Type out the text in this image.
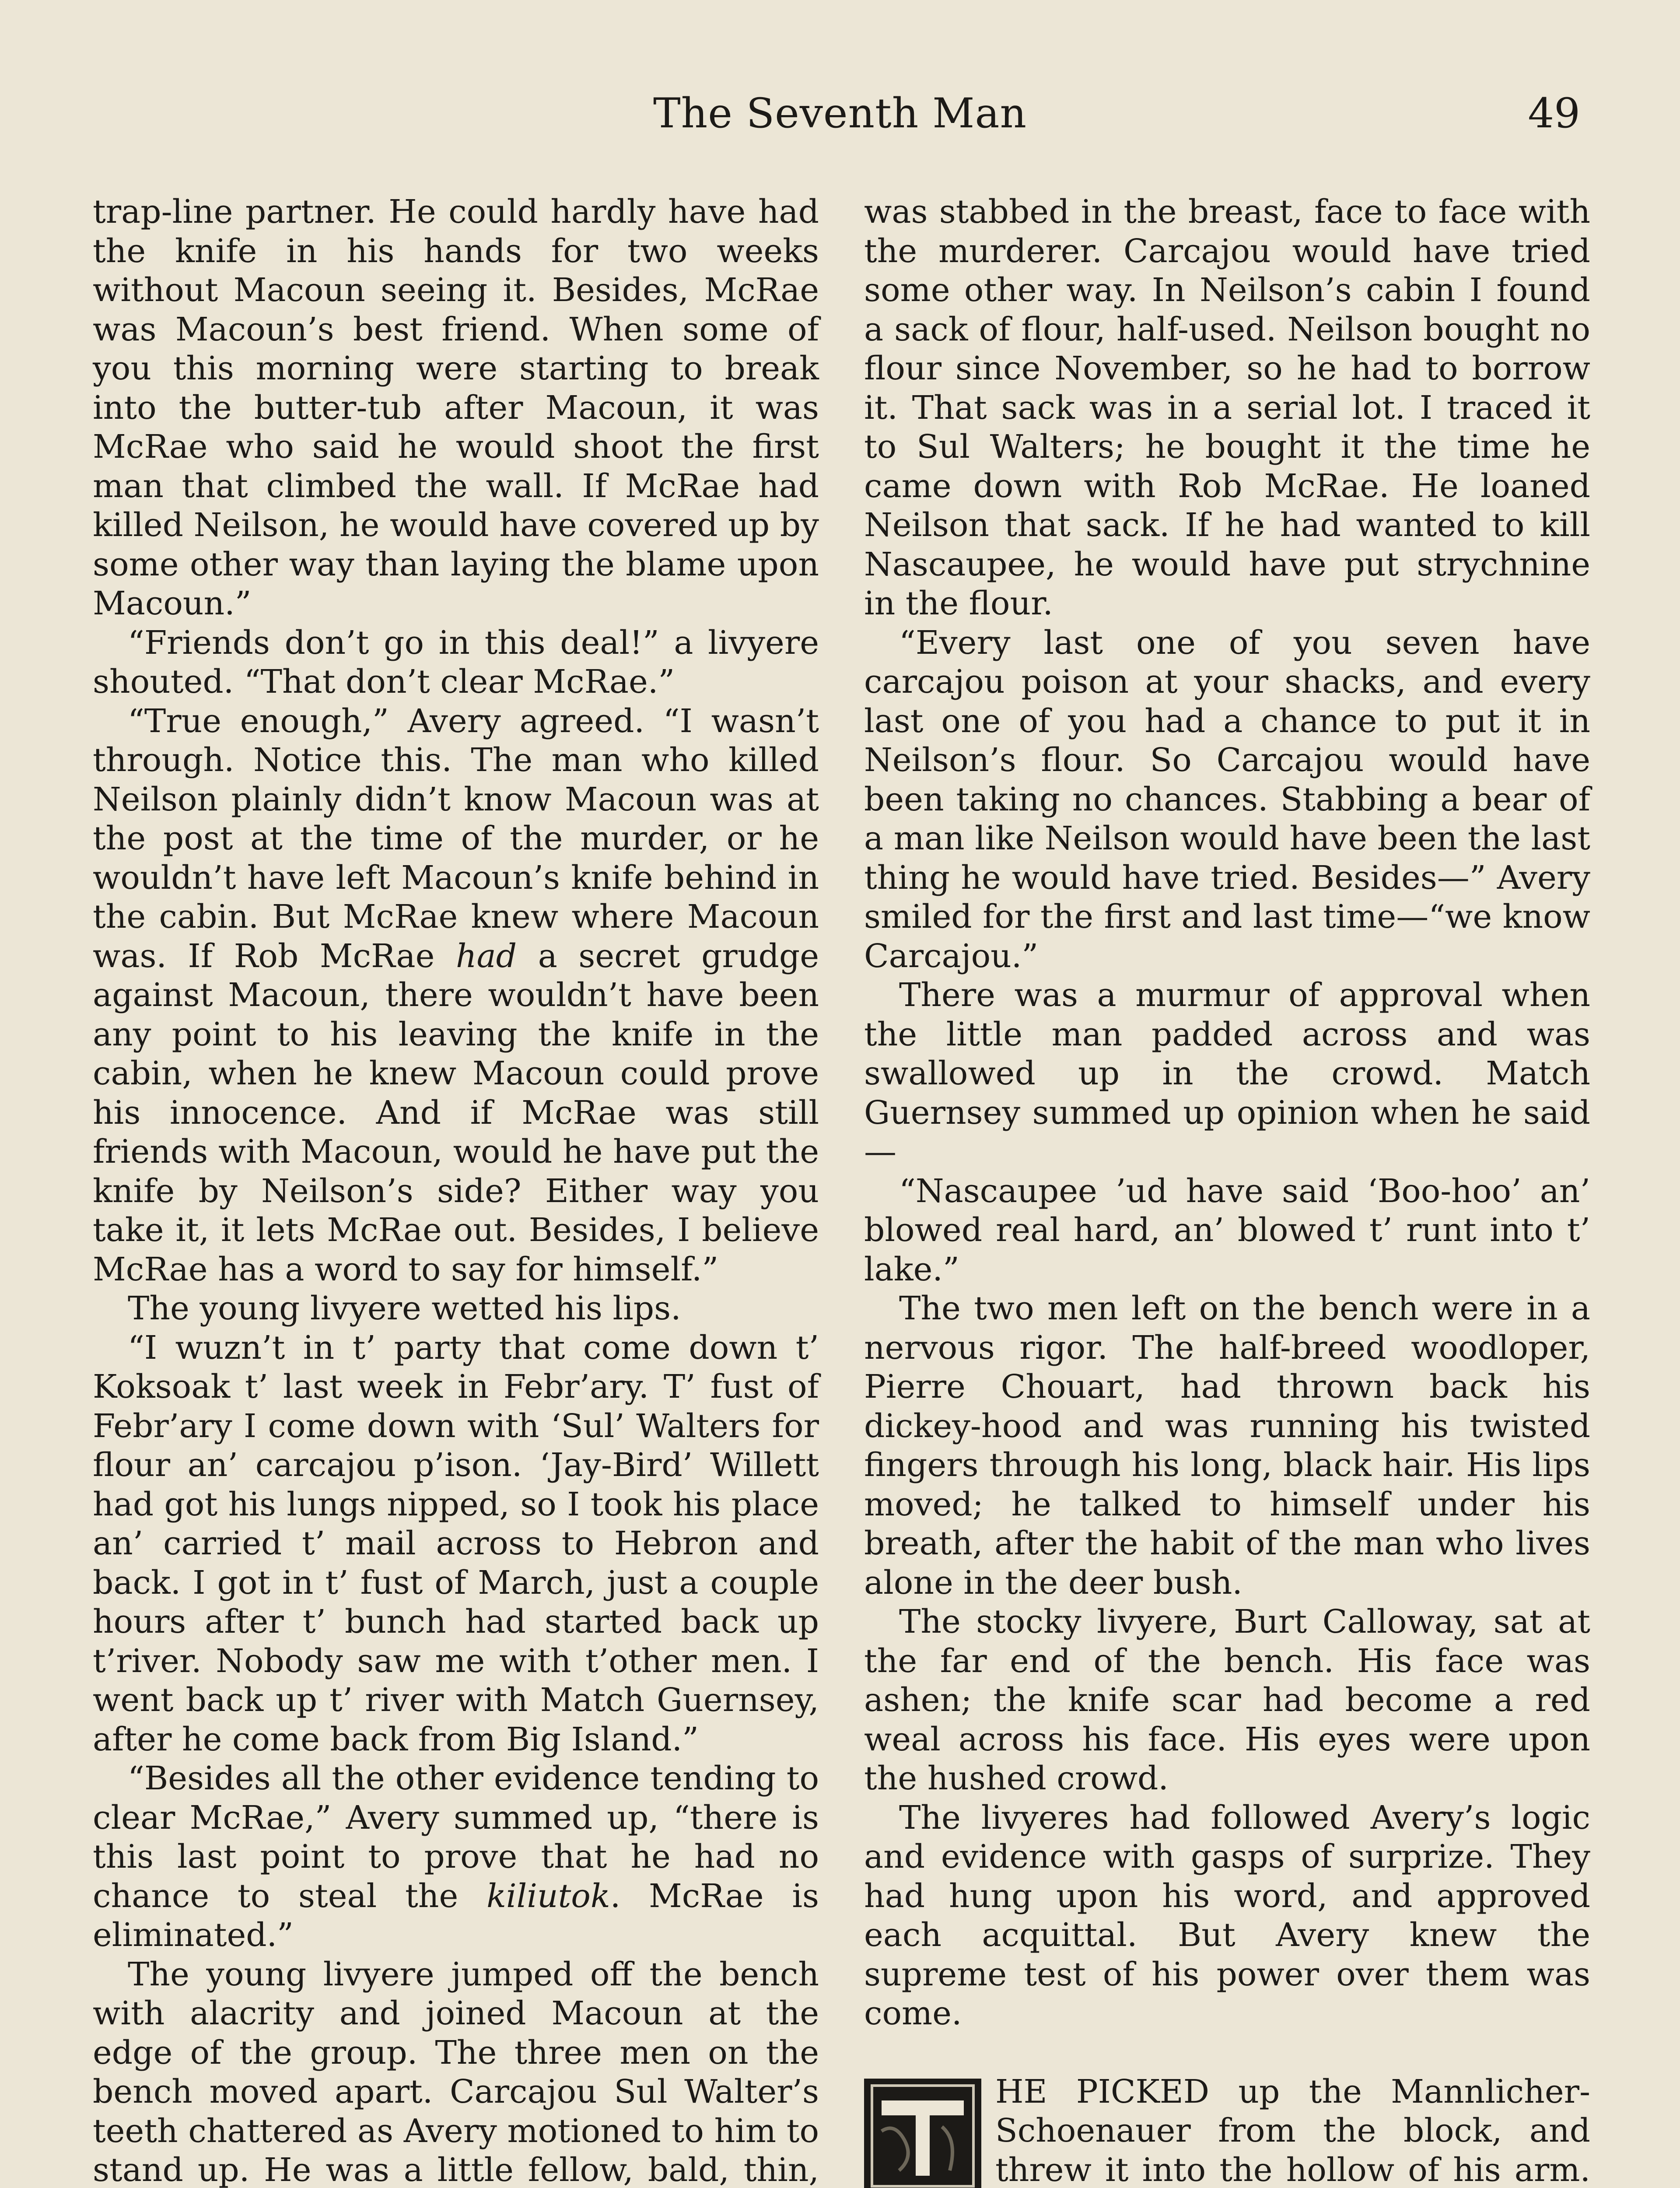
The Seventh Man	49

trap-line partner. He could hardly have had the knife in his hands for two weeks without Macoun seeing it. Besides, McRae was Macoun’s best friend. When some of you this morning were starting to break into the butter-tub after Macoun, it was McRae who said he would shoot the first man that climbed the wall. If McRae had killed Neilson, he would have covered up by some other way than laying the blame upon Macoun.”

“Friends don’t go in this deal!” a livyere shouted. “That don’t clear McRae.”

“True enough,” Avery agreed. “I wasn’t through. Notice this. The man who killed Neilson plainly didn’t know Macoun was at the post at the time of the murder, or he wouldn’t have left Macoun’s knife behind in the cabin. But McRae knew where Macoun was. If Rob McRae had a secret grudge against Macoun, there wouldn’t have been any point to his leaving the knife in the cabin, when he knew Macoun could prove his innocence. And if McRae was still friends with Macoun, would he have put the knife by Neilson’s side? Either way you take it, it lets McRae out. Besides, I believe McRae has a word to say for himself.”

The young livyere wetted his lips.

“I wuzn’t in t’ party that come down t’ Koksoak t’ last week in Febr’ary. T’ fust of Febr’ary I come down with ‘Sul’ Walters for flour an’ carcajou p’ison. ‘Jay-Bird’ Willett had got his lungs nipped, so I took his place an’ carried t’ mail across to Hebron and back. I got in t’ fust of March, just a couple hours after t’ bunch had started back up t’river. Nobody saw me with t’other men. I went back up t’ river with Match Guernsey, after he come back from Big Island.”

“Besides all the other evidence tending to clear McRae,” Avery summed up, “there is this last point to prove that he had no chance to steal the kiliutok. McRae is eliminated.”

The young livyere jumped off the bench with alacrity and joined Macoun at the edge of the group. The three men on the bench moved apart. Carcajou Sul Walter’s teeth chattered as Avery motioned to him to stand up. He was a little fellow, bald, thin,

was stabbed in the breast, face to face with the murderer. Carcajou would have tried some other way. In Neilson’s cabin I found a sack of flour, half-used. Neilson bought no flour since November, so he had to borrow it. That sack was in a serial lot. I traced it to Sul Walters; he bought it the time he came down with Rob McRae. He loaned Neilson that sack. If he had wanted to kill Nascaupee, he would have put strychnine in the flour.

“Every last one of you seven have carcajou poison at your shacks, and every last one of you had a chance to put it in Neilson’s flour. So Carcajou would have been taking no chances. Stabbing a bear of a man like Neilson would have been the last thing he would have tried. Besides—” Avery smiled for the first and last time—“we know Carcajou.”

There was a murmur of approval when the little man padded across and was swallowed up in the crowd. Match Guernsey summed up opinion when he said—

“Nascaupee ’ud have said ‘Boo-hoo’ an’ blowed real hard, an’ blowed t’ runt into t’ lake.”

The two men left on the bench were in a nervous rigor. The half-breed woodloper, Pierre Chouart, had thrown back his dickey-hood and was running his twisted fingers through his long, black hair. His lips moved; he talked to himself under his breath, after the habit of the man who lives alone in the deer bush.

The stocky livyere, Burt Calloway, sat at the far end of the bench. His face was ashen; the knife scar had become a red weal across his face. His eyes were upon the hushed crowd.

The livyeres had followed Avery’s logic and evidence with gasps of surprize. They had hung upon his word, and approved each acquittal. But Avery knew the supreme test of his power over them was come.

HE PICKED up the Mannlicher-Schoenauer from the block, and threw it into the hollow of his arm.
